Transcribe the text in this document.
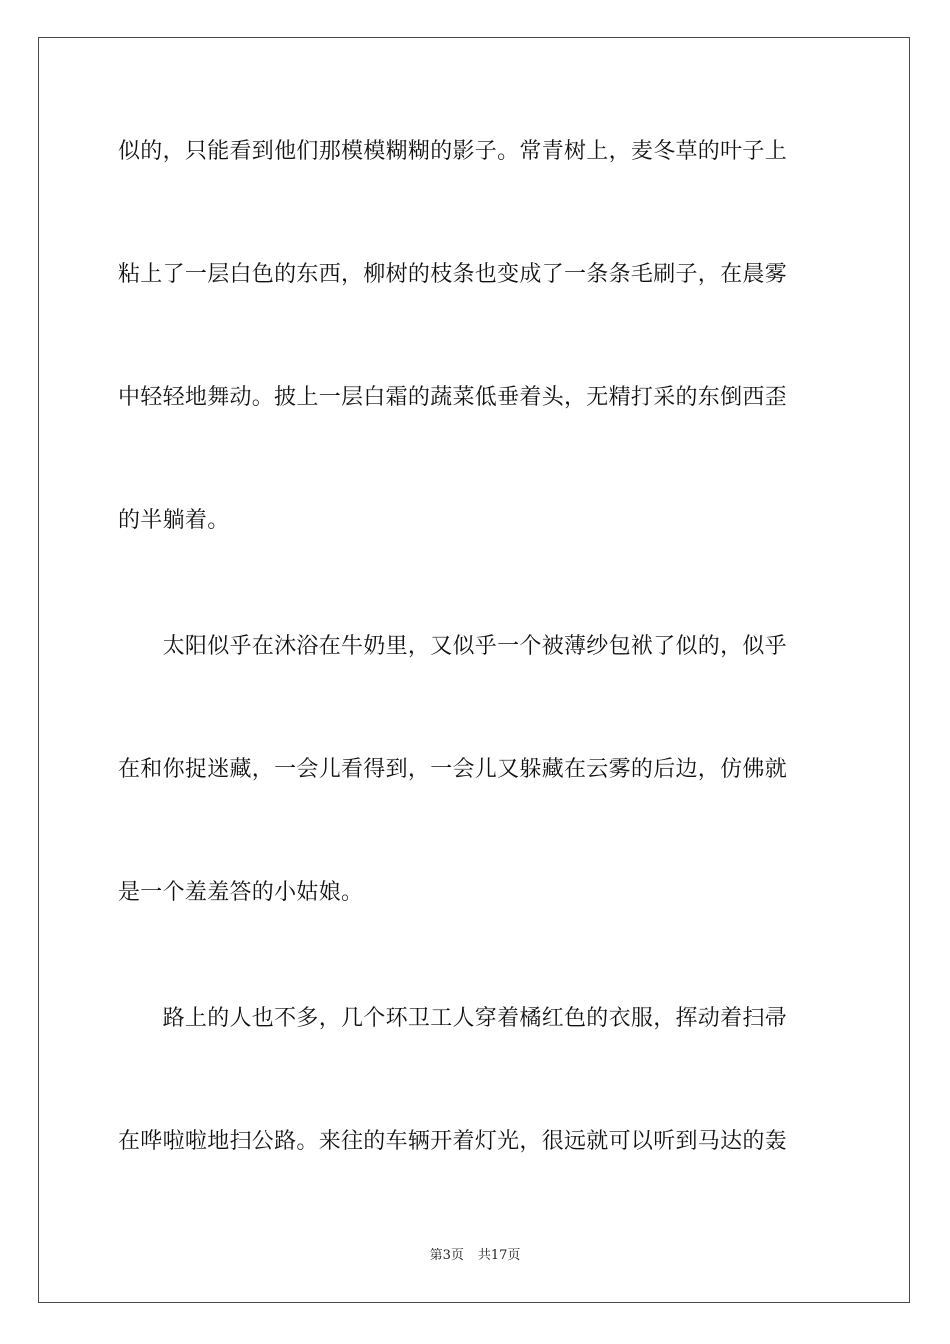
似的，只能看到他们那模模糊糊的影子。常青树上，麦冬草的叶子上
粘上了一层白色的东西，柳树的枝条也变成了一条条毛刷子，在晨雾
中轻轻地舞动。披上一层白霜的蔬菜低垂着头，无精打采的东倒西歪
的半躺着。
　　太阳似乎在沐浴在牛奶里，又似乎一个被薄纱包袱了似的，似乎
在和你捉迷藏，一会儿看得到，一会儿又躲藏在云雾的后边，仿佛就
是一个羞羞答的小姑娘。
　　路上的人也不多，几个环卫工人穿着橘红色的衣服，挥动着扫帚
在哗啦啦地扫公路。来往的车辆开着灯光，很远就可以听到马达的轰
第3页 共17页
